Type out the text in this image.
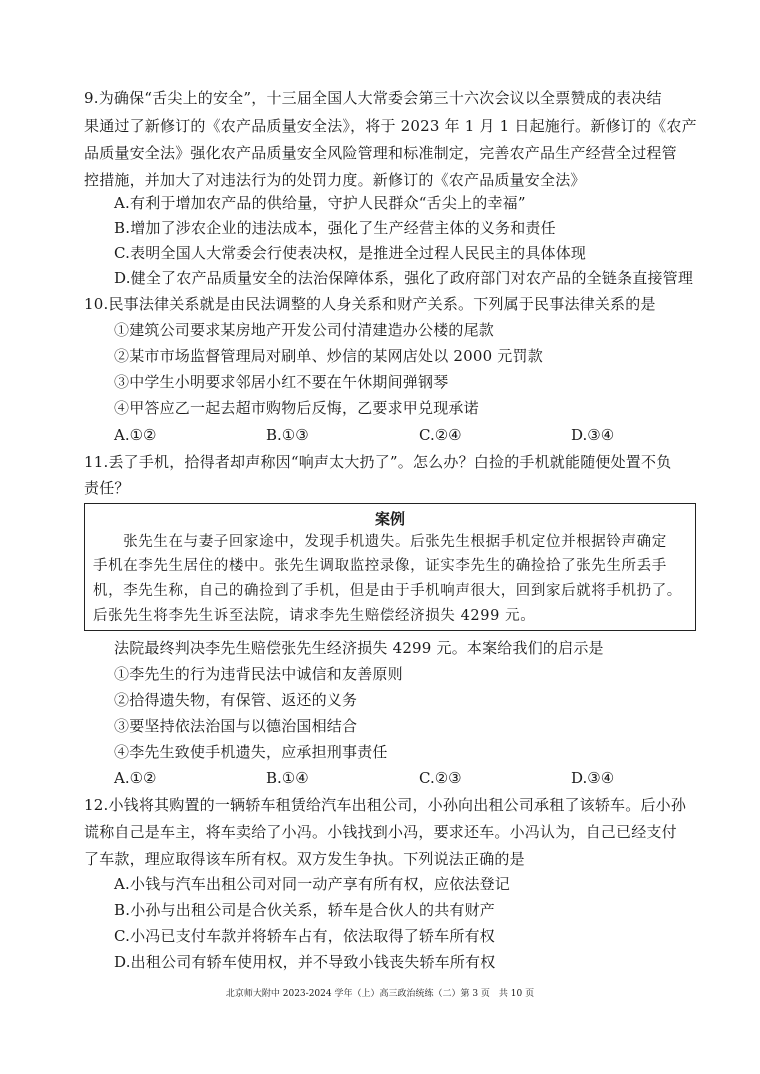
9.为确保“舌尖上的安全”，十三届全国人大常委会第三十六次会议以全票赞成的表决结
果通过了新修订的《农产品质量安全法》，将于 2023 年 1 月 1 日起施行。新修订的《农产
品质量安全法》强化农产品质量安全风险管理和标准制定，完善农产品生产经营全过程管
控措施，并加大了对违法行为的处罚力度。新修订的《农产品质量安全法》
A.有利于增加农产品的供给量，守护人民群众“舌尖上的幸福”
B.增加了涉农企业的违法成本，强化了生产经营主体的义务和责任
C.表明全国人大常委会行使表决权，是推进全过程人民民主的具体体现
D.健全了农产品质量安全的法治保障体系，强化了政府部门对农产品的全链条直接管理
10.民事法律关系就是由民法调整的人身关系和财产关系。下列属于民事法律关系的是
①建筑公司要求某房地产开发公司付清建造办公楼的尾款
②某市市场监督管理局对刷单、炒信的某网店处以 2000 元罚款
③中学生小明要求邻居小红不要在午休期间弹钢琴
④甲答应乙一起去超市购物后反悔，乙要求甲兑现承诺
A.①②	B.①③	C.②④	D.③④
11.丢了手机，拾得者却声称因“响声太大扔了”。怎么办？白捡的手机就能随便处置不负
责任？
案例
　　张先生在与妻子回家途中，发现手机遗失。后张先生根据手机定位并根据铃声确定
手机在李先生居住的楼中。张先生调取监控录像，证实李先生的确捡拾了张先生所丢手
机，李先生称，自己的确捡到了手机，但是由于手机响声很大，回到家后就将手机扔了。
后张先生将李先生诉至法院，请求李先生赔偿经济损失 4299 元。
法院最终判决李先生赔偿张先生经济损失 4299 元。本案给我们的启示是
①李先生的行为违背民法中诚信和友善原则
②拾得遗失物，有保管、返还的义务
③要坚持依法治国与以德治国相结合
④李先生致使手机遗失，应承担刑事责任
A.①②	B.①④	C.②③	D.③④
12.小钱将其购置的一辆轿车租赁给汽车出租公司，小孙向出租公司承租了该轿车。后小孙
谎称自己是车主，将车卖给了小冯。小钱找到小冯，要求还车。小冯认为，自己已经支付
了车款，理应取得该车所有权。双方发生争执。下列说法正确的是
A.小钱与汽车出租公司对同一动产享有所有权，应依法登记
B.小孙与出租公司是合伙关系，轿车是合伙人的共有财产
C.小冯已支付车款并将轿车占有，依法取得了轿车所有权
D.出租公司有轿车使用权，并不导致小钱丧失轿车所有权
北京师大附中 2023-2024 学年（上）高三政治统练（二）第 3 页　共 10 页
